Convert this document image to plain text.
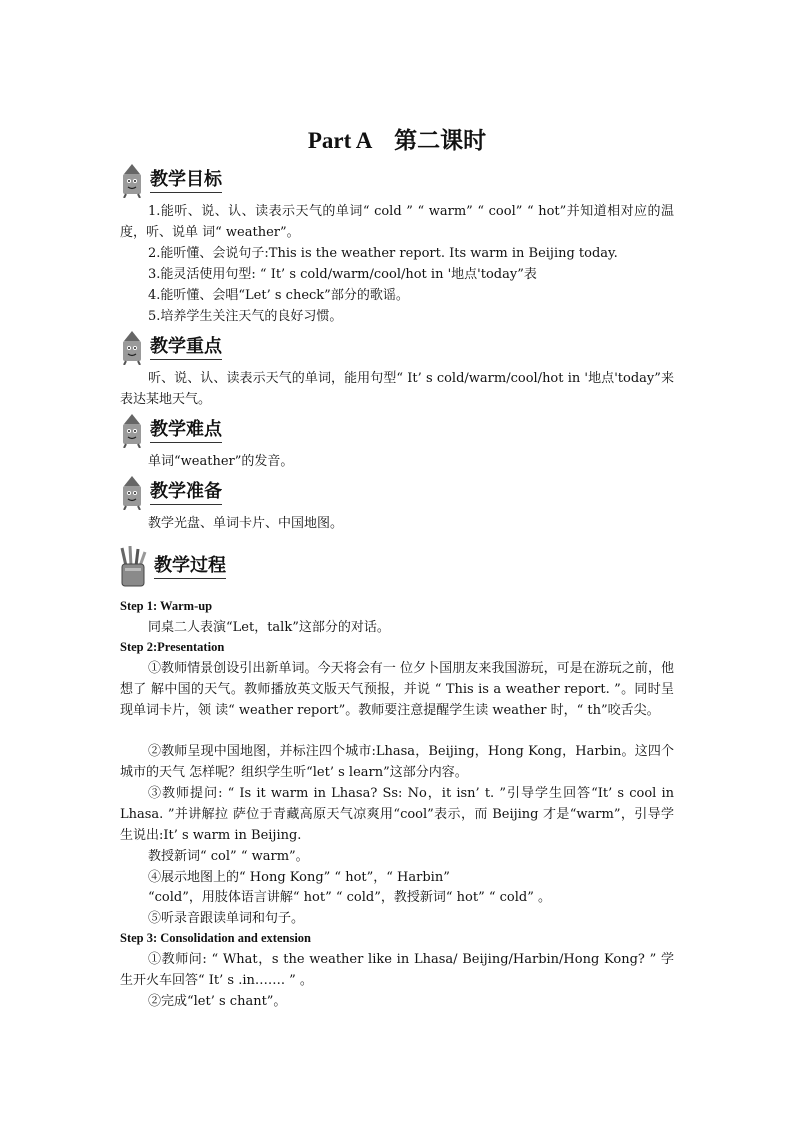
Part A　第二课时
教学目标

1.能听、说、认、读表示天气的单词“ cold ” “ warm” “ cool” “ hot”并知道相对应的温度，听、说单 词“ weather”。

2.能听懂、会说句子:This is the weather report. Its warm in Beijing today.
3.能灵活使用句型: “ It’ s cold/warm/cool/hot in '地点'today”表
4.能听懂、会唱“Let’ s check”部分的歌谣。
5.培养学生关注天气的良好习惯。
教学重点

听、说、认、读表示天气的单词，能用句型“ It’ s cold/warm/cool/hot in '地点'today”来表达某地天气。

教学难点
单词“weather”的发音。
教学准备
教学光盘、单词卡片、中国地图。
教学过程
Step 1: Warm-up
同桌二人表演“Let，talk”这部分的对话。
Step 2:Presentation

①教师情景创设引出新单词。今天将会有一 位夕卜国朋友来我国游玩，可是在游玩之前，他想了 解中国的天气。教师播放英文版天气预报，并说 “ This is a weather report. ”。同时呈现单词卡片，领 读“ weather report”。教师要注意提醒学生读 weather 时，“ th”咬舌尖。

②教师呈现中国地图，并标注四个城市:Lhasa，Beijing，Hong Kong，Harbin。这四个城市的天气 怎样呢？组织学生听“let’ s learn”这部分内容。

③教师提问: “ Is it warm in Lhasa? Ss: No，it isn’ t. ”引导学生回答“It’ s cool in Lhasa. ”并讲解拉 萨位于青藏高原天气凉爽用“cool”表示，而 Beijing 才是“warm”，引导学生说出:It’ s warm in Beijing.

教授新词“ col” “ warm”。
④展示地图上的“ Hong Kong” “ hot”，“ Harbin”
“cold”，用肢体语言讲解“ hot” “ cold”，教授新词“ hot” “ cold” 。
⑤听录音跟读单词和句子。
Step 3: Consolidation and extension

①教师问: “ What，s the weather like in Lhasa/ Beijing/Harbin/Hong Kong? ” 学生开火车回答“ It’ s .in……. ” 。

②完成“let’ s chant”。
